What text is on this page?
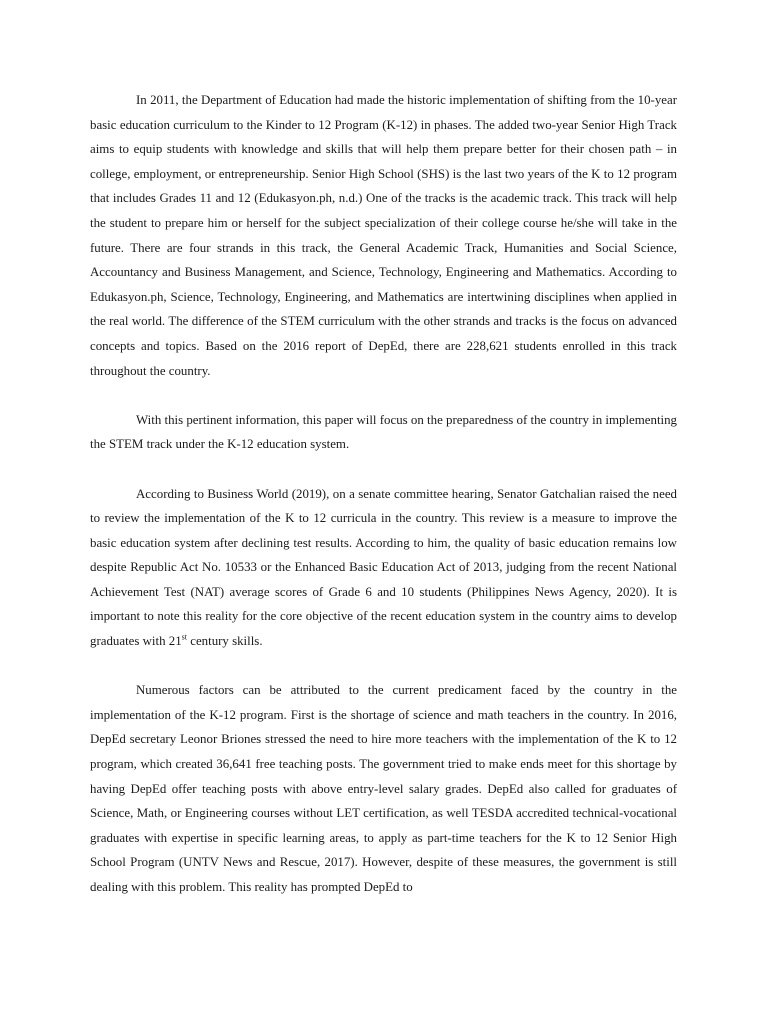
In 2011, the Department of Education had made the historic implementation of shifting from the 10-year basic education curriculum to the Kinder to 12 Program (K-12) in phases. The added two-year Senior High Track aims to equip students with knowledge and skills that will help them prepare better for their chosen path – in college, employment, or entrepreneurship. Senior High School (SHS) is the last two years of the K to 12 program that includes Grades 11 and 12 (Edukasyon.ph, n.d.) One of the tracks is the academic track. This track will help the student to prepare him or herself for the subject specialization of their college course he/she will take in the future. There are four strands in this track, the General Academic Track, Humanities and Social Science, Accountancy and Business Management, and Science, Technology, Engineering and Mathematics. According to Edukasyon.ph, Science, Technology, Engineering, and Mathematics are intertwining disciplines when applied in the real world. The difference of the STEM curriculum with the other strands and tracks is the focus on advanced concepts and topics. Based on the 2016 report of DepEd, there are 228,621 students enrolled in this track throughout the country.

With this pertinent information, this paper will focus on the preparedness of the country in implementing the STEM track under the K-12 education system.

According to Business World (2019), on a senate committee hearing, Senator Gatchalian raised the need to review the implementation of the K to 12 curricula in the country. This review is a measure to improve the basic education system after declining test results. According to him, the quality of basic education remains low despite Republic Act No. 10533 or the Enhanced Basic Education Act of 2013, judging from the recent National Achievement Test (NAT) average scores of Grade 6 and 10 students (Philippines News Agency, 2020). It is important to note this reality for the core objective of the recent education system in the country aims to develop graduates with 21st century skills.

Numerous factors can be attributed to the current predicament faced by the country in the implementation of the K-12 program. First is the shortage of science and math teachers in the country. In 2016, DepEd secretary Leonor Briones stressed the need to hire more teachers with the implementation of the K to 12 program, which created 36,641 free teaching posts. The government tried to make ends meet for this shortage by having DepEd offer teaching posts with above entry-level salary grades. DepEd also called for graduates of Science, Math, or Engineering courses without LET certification, as well TESDA accredited technical-vocational graduates with expertise in specific learning areas, to apply as part-time teachers for the K to 12 Senior High School Program (UNTV News and Rescue, 2017). However, despite of these measures, the government is still dealing with this problem. This reality has prompted DepEd to
